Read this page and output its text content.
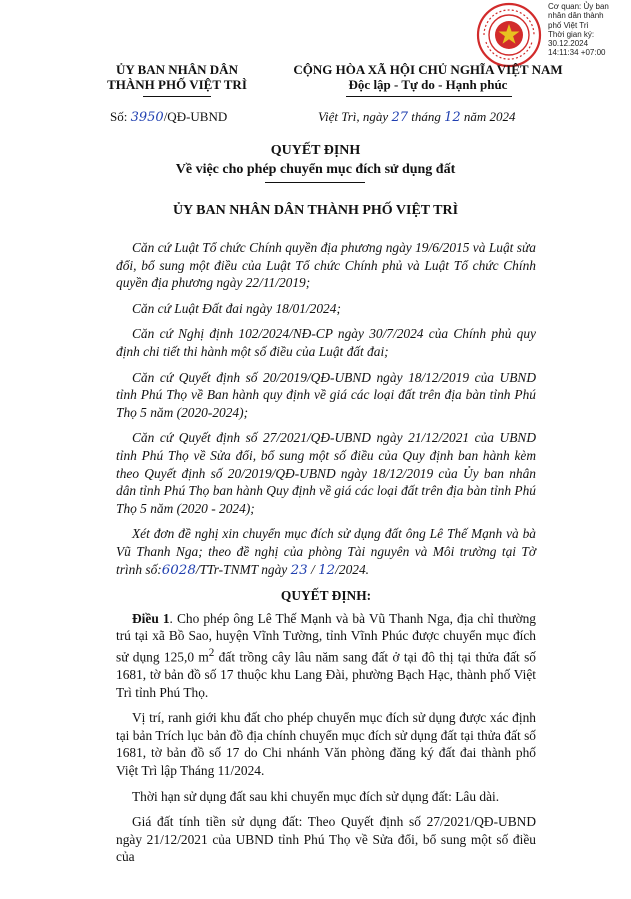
Cơ quan: Ủy ban
nhân dân thành
phố Việt Trì
Thời gian ký:
30.12.2024
14:11:34 +07:00
ỦY BAN NHÂN DÂN
THÀNH PHỐ VIỆT TRÌ
CỘNG HÒA XÃ HỘI CHỦ NGHĨA VIỆT NAM
Độc lập - Tự do - Hạnh phúc
Số: 3950/QĐ-UBND	Việt Trì, ngày 27 tháng 12 năm 2024
QUYẾT ĐỊNH
Về việc cho phép chuyển mục đích sử dụng đất
ỦY BAN NHÂN DÂN THÀNH PHỐ VIỆT TRÌ

Căn cứ Luật Tổ chức Chính quyền địa phương ngày 19/6/2015 và Luật sửa đổi, bổ sung một điều của Luật Tổ chức Chính phủ và Luật Tổ chức Chính quyền địa phương ngày 22/11/2019;

Căn cứ Luật Đất đai ngày 18/01/2024;

Căn cứ Nghị định 102/2024/NĐ-CP ngày 30/7/2024 của Chính phủ quy định chi tiết thi hành một số điều của Luật đất đai;

Căn cứ Quyết định số 20/2019/QĐ-UBND ngày 18/12/2019 của UBND tỉnh Phú Thọ về Ban hành quy định về giá các loại đất trên địa bàn tỉnh Phú Thọ 5 năm (2020-2024);

Căn cứ Quyết định số 27/2021/QĐ-UBND ngày 21/12/2021 của UBND tỉnh Phú Thọ về Sửa đổi, bổ sung một số điều của Quy định ban hành kèm theo Quyết định số 20/2019/QĐ-UBND ngày 18/12/2019 của Ủy ban nhân dân tỉnh Phú Thọ ban hành Quy định về giá các loại đất trên địa bàn tỉnh Phú Thọ 5 năm (2020 - 2024);

Xét đơn đề nghị xin chuyển mục đích sử dụng đất ông Lê Thế Mạnh và bà Vũ Thanh Nga; theo đề nghị của phòng Tài nguyên và Môi trường tại Tờ trình số:6028/TTr-TNMT ngày 23 / 12/2024.

QUYẾT ĐỊNH:

Điều 1. Cho phép ông Lê Thế Mạnh và bà Vũ Thanh Nga, địa chỉ thường trú tại xã Bồ Sao, huyện Vĩnh Tường, tỉnh Vĩnh Phúc được chuyển mục đích sử dụng 125,0 $m^2$ đất trồng cây lâu năm sang đất ở tại đô thị tại thửa đất số 1681, tờ bản đồ số 17 thuộc khu Lang Đài, phường Bạch Hạc, thành phố Việt Trì tỉnh Phú Thọ.

Vị trí, ranh giới khu đất cho phép chuyển mục đích sử dụng được xác định tại bản Trích lục bản đồ địa chính chuyển mục đích sử dụng đất tại thửa đất số 1681, tờ bản đồ số 17 do Chi nhánh Văn phòng đăng ký đất đai thành phố Việt Trì lập Tháng 11/2024.

Thời hạn sử dụng đất sau khi chuyển mục đích sử dụng đất: Lâu dài.

Giá đất tính tiền sử dụng đất: Theo Quyết định số 27/2021/QĐ-UBND ngày 21/12/2021 của UBND tỉnh Phú Thọ về Sửa đổi, bổ sung một số điều của
